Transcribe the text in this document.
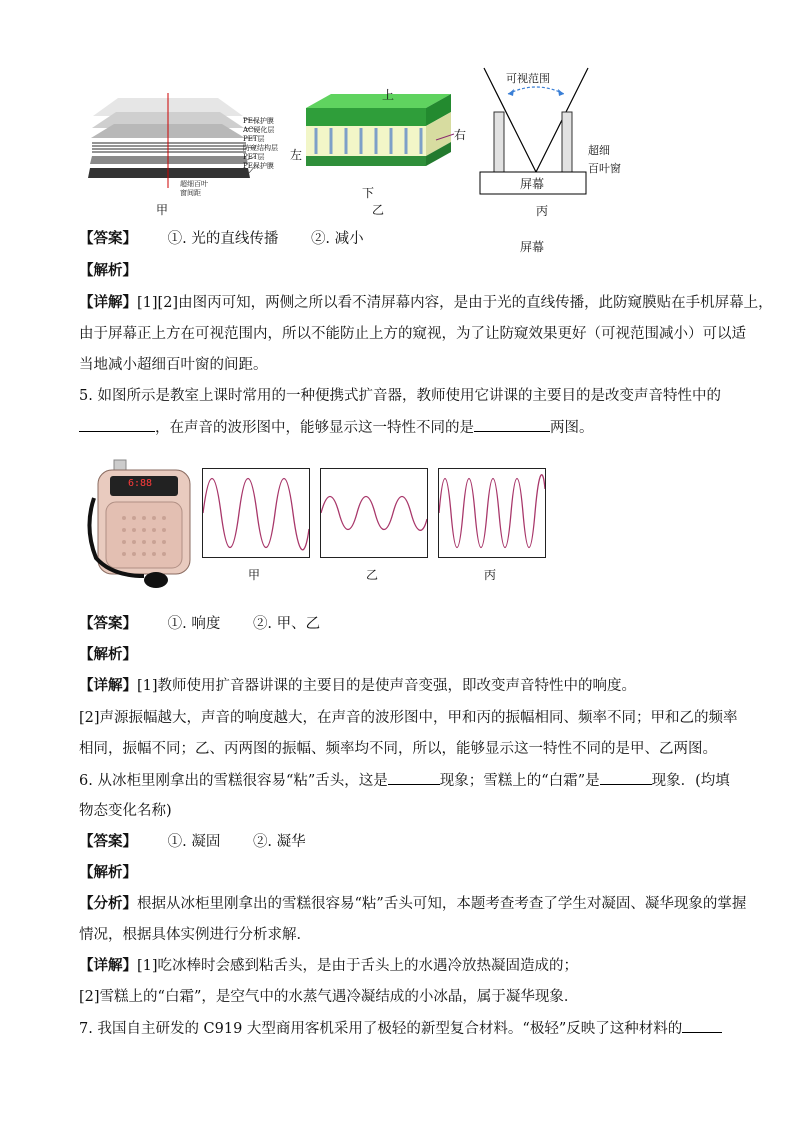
PE保护膜
AC硬化层
PET层
防窥结构层
PET层
PE保护膜
超细百叶
窗间距
甲
上
左
右
下
乙
可视范围
超细
百叶窗
屏幕
丙
屏幕
【答案】 ①. 光的直线传播 ②. 减小
【解析】
【详解】[1][2]由图丙可知，两侧之所以看不清屏幕内容，是由于光的直线传播，此防窥膜贴在手机屏幕上，
由于屏幕正上方在可视范围内，所以不能防止上方的窥视，为了让防窥效果更好（可视范围减小）可以适
当地减小超细百叶窗的间距。
5. 如图所示是教室上课时常用的一种便携式扩音器，教师使用它讲课的主要目的是改变声音特性中的
，在声音的波形图中，能够显示这一特性不同的是	两图。
6:88
甲	乙	丙
【答案】 ①. 响度 ②. 甲、乙
【解析】
【详解】[1]教师使用扩音器讲课的主要目的是使声音变强，即改变声音特性中的响度。
[2]声源振幅越大，声音的响度越大，在声音的波形图中，甲和丙的振幅相同、频率不同；甲和乙的频率
相同，振幅不同；乙、丙两图的振幅、频率均不同，所以，能够显示这一特性不同的是甲、乙两图。
6. 从冰柜里刚拿出的雪糕很容易“粘”舌头，这是	现象；雪糕上的“白霜”是	现象．(均填
物态变化名称)
【答案】 ①. 凝固 ②. 凝华
【解析】
【分析】根据从冰柜里刚拿出的雪糕很容易“粘”舌头可知，本题考查考查了学生对凝固、凝华现象的掌握
情况，根据具体实例进行分析求解．
【详解】[1]吃冰棒时会感到粘舌头，是由于舌头上的水遇冷放热凝固造成的；
[2]雪糕上的“白霜”，是空气中的水蒸气遇冷凝结成的小冰晶，属于凝华现象．
7. 我国自主研发的 C919 大型商用客机采用了极轻的新型复合材料。“极轻”反映了这种材料的
